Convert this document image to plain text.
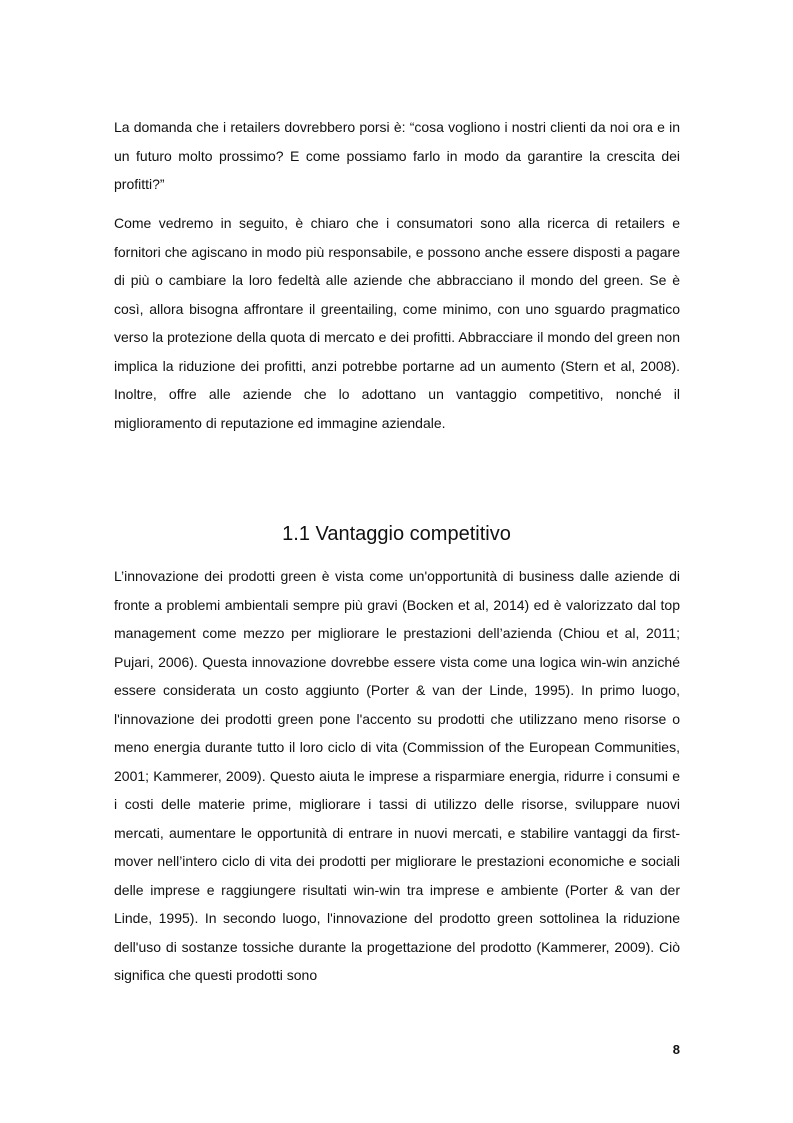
La domanda che i retailers dovrebbero porsi è: “cosa vogliono i nostri clienti da noi ora e in un futuro molto prossimo? E come possiamo farlo in modo da garantire la crescita dei profitti?”

Come vedremo in seguito, è chiaro che i consumatori sono alla ricerca di retailers e fornitori che agiscano in modo più responsabile, e possono anche essere disposti a pagare di più o cambiare la loro fedeltà alle aziende che abbracciano il mondo del green. Se è così, allora bisogna affrontare il greentailing, come minimo, con uno sguardo pragmatico verso la protezione della quota di mercato e dei profitti. Abbracciare il mondo del green non implica la riduzione dei profitti, anzi potrebbe portarne ad un aumento (Stern et al, 2008). Inoltre, offre alle aziende che lo adottano un vantaggio competitivo, nonché il miglioramento di reputazione ed immagine aziendale.

1.1 Vantaggio competitivo

L’innovazione dei prodotti green è vista come un'opportunità di business dalle aziende di fronte a problemi ambientali sempre più gravi (Bocken et al, 2014) ed è valorizzato dal top management come mezzo per migliorare le prestazioni dell’azienda (Chiou et al, 2011; Pujari, 2006). Questa innovazione dovrebbe essere vista come una logica win-win anziché essere considerata un costo aggiunto (Porter & van der Linde, 1995). In primo luogo, l'innovazione dei prodotti green pone l'accento su prodotti che utilizzano meno risorse o meno energia durante tutto il loro ciclo di vita (Commission of the European Communities, 2001; Kammerer, 2009). Questo aiuta le imprese a risparmiare energia, ridurre i consumi e i costi delle materie prime, migliorare i tassi di utilizzo delle risorse, sviluppare nuovi mercati, aumentare le opportunità di entrare in nuovi mercati, e stabilire vantaggi da first-mover nell’intero ciclo di vita dei prodotti per migliorare le prestazioni economiche e sociali delle imprese e raggiungere risultati win-win tra imprese e ambiente (Porter & van der Linde, 1995). In secondo luogo, l'innovazione del prodotto green sottolinea la riduzione dell'uso di sostanze tossiche durante la progettazione del prodotto (Kammerer, 2009). Ciò significa che questi prodotti sono

8
